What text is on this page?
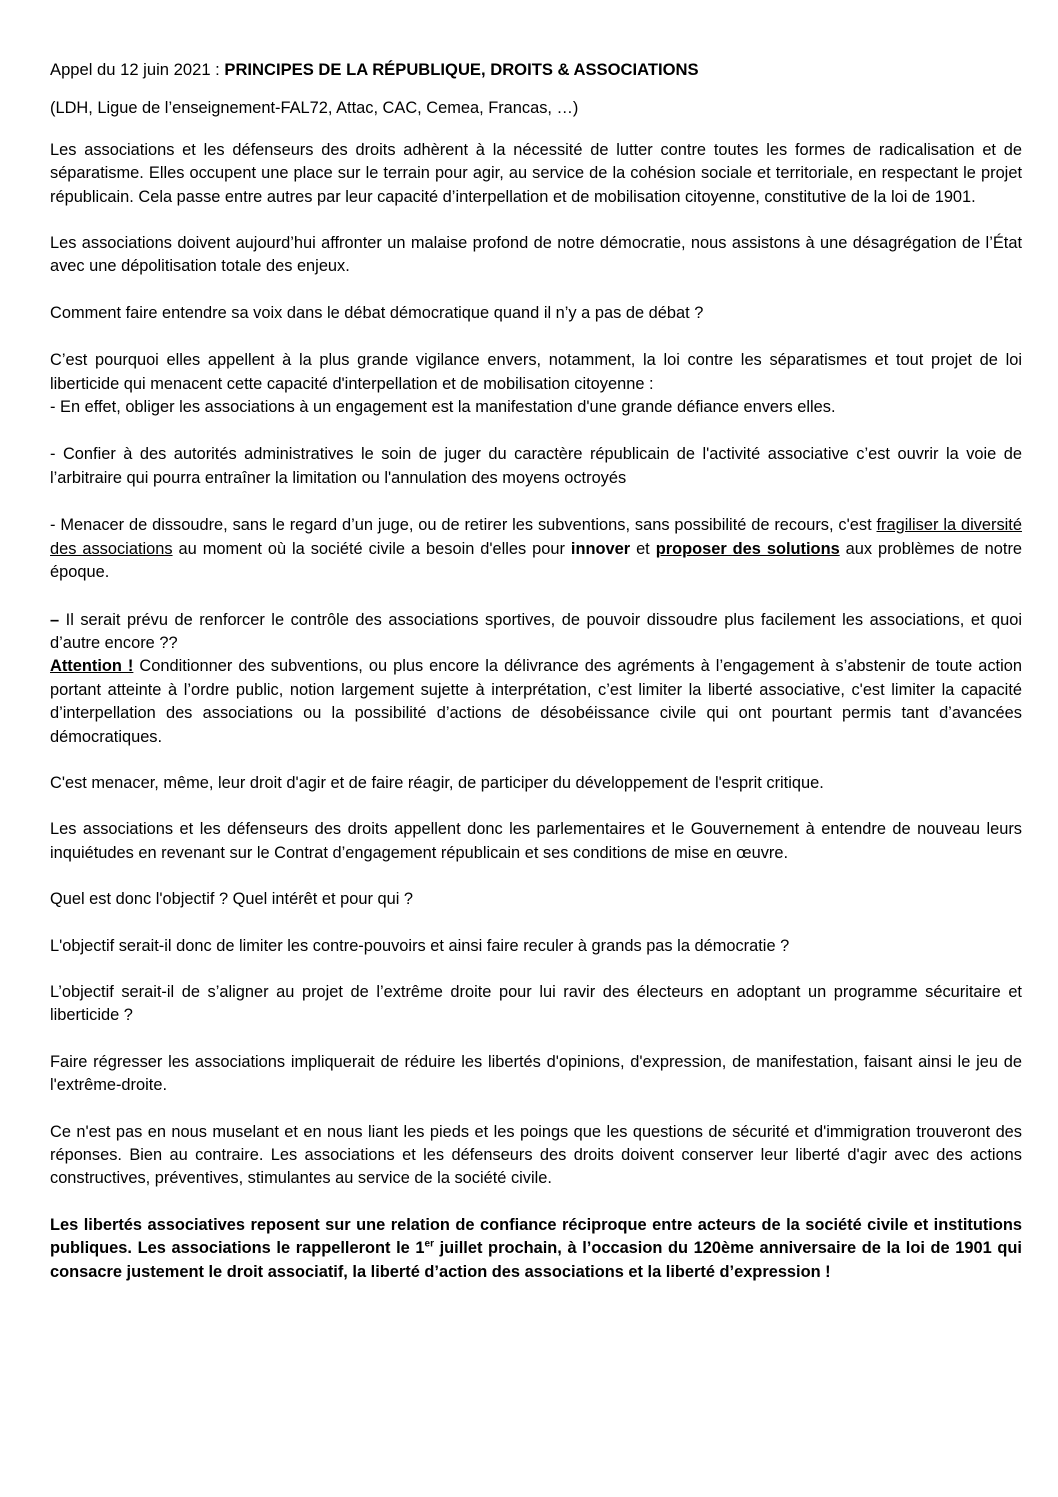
Appel du 12 juin 2021 : PRINCIPES DE LA RÉPUBLIQUE, DROITS & ASSOCIATIONS

(LDH, Ligue de l’enseignement-FAL72, Attac, CAC, Cemea, Francas, …)

Les associations et les défenseurs des droits adhèrent à la nécessité de lutter contre toutes les formes de radicalisation et de séparatisme. Elles occupent une place sur le terrain pour agir, au service de la cohésion sociale et territoriale, en respectant le projet républicain. Cela passe entre autres par leur capacité d’interpellation et de mobilisation citoyenne, constitutive de la loi de 1901.

Les associations doivent aujourd’hui affronter un malaise profond de notre démocratie, nous assistons à une désagrégation de l’État avec une dépolitisation totale des enjeux.

Comment faire entendre sa voix dans le débat démocratique quand il n’y a pas de débat ?

C’est pourquoi elles appellent à la plus grande vigilance envers, notamment, la loi contre les séparatismes et tout projet de loi liberticide qui menacent cette capacité d'interpellation et de mobilisation citoyenne :

- En effet, obliger les associations à un engagement est la manifestation d'une grande défiance envers elles.

- Confier à des autorités administratives le soin de juger du caractère républicain de l'activité associative c’est ouvrir la voie de l’arbitraire qui pourra entraîner la limitation ou l'annulation des moyens octroyés

- Menacer de dissoudre, sans le regard d’un juge, ou de retirer les subventions, sans possibilité de recours, c'est fragiliser la diversité des associations au moment où la société civile a besoin d'elles pour innover et proposer des solutions aux problèmes de notre époque.

– Il serait prévu de renforcer le contrôle des associations sportives, de pouvoir dissoudre plus facilement les associations, et quoi d’autre encore ??

Attention ! Conditionner des subventions, ou plus encore la délivrance des agréments à l’engagement à s’abstenir de toute action portant atteinte à l’ordre public, notion largement sujette à interprétation, c’est limiter la liberté associative, c'est limiter la capacité d’interpellation des associations ou la possibilité d’actions de désobéissance civile qui ont pourtant permis tant d’avancées démocratiques.

C'est menacer, même, leur droit d'agir et de faire réagir, de participer du développement de l'esprit critique.

Les associations et les défenseurs des droits appellent donc les parlementaires et le Gouvernement à entendre de nouveau leurs inquiétudes en revenant sur le Contrat d’engagement républicain et ses conditions de mise en œuvre.

Quel est donc l'objectif ? Quel intérêt et pour qui ?

L'objectif serait-il donc de limiter les contre-pouvoirs et ainsi faire reculer à grands pas la démocratie ?

L’objectif serait-il de s’aligner au projet de l’extrême droite pour lui ravir des électeurs en adoptant un programme sécuritaire et liberticide ?

Faire régresser les associations impliquerait de réduire les libertés d'opinions, d'expression, de manifestation, faisant ainsi le jeu de l'extrême-droite.

Ce n'est pas en nous muselant et en nous liant les pieds et les poings que les questions de sécurité et d'immigration trouveront des réponses. Bien au contraire. Les associations et les défenseurs des droits doivent conserver leur liberté d'agir avec des actions constructives, préventives, stimulantes au service de la société civile.

Les libertés associatives reposent sur une relation de confiance réciproque entre acteurs de la société civile et institutions publiques. Les associations le rappelleront le 1er juillet prochain, à l’occasion du 120ème anniversaire de la loi de 1901 qui consacre justement le droit associatif, la liberté d’action des associations et la liberté d’expression !
